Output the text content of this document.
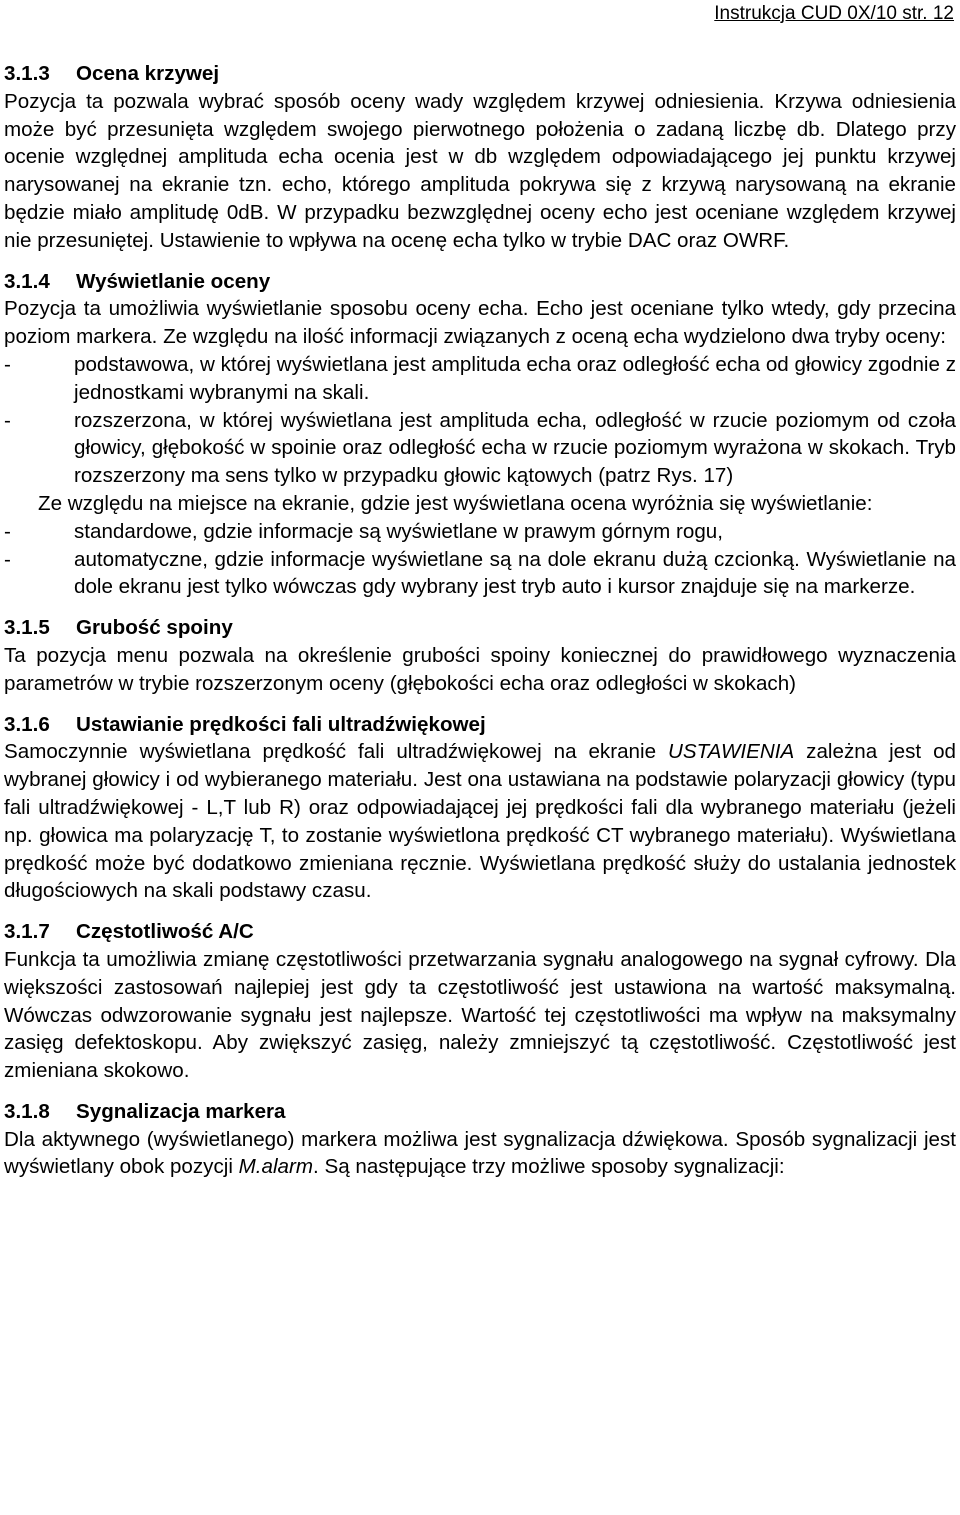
Instrukcja CUD 0X/10 str. 12
3.1.3 Ocena krzywej

Pozycja ta pozwala wybrać sposób oceny wady względem krzywej odniesienia. Krzywa odniesienia może być przesunięta względem swojego pierwotnego położenia o zadaną liczbę db. Dlatego przy ocenie względnej amplituda echa ocenia jest w db względem odpowiadającego jej punktu krzywej narysowanej na ekranie tzn. echo, którego amplituda pokrywa się z krzywą narysowaną na ekranie będzie miało amplitudę 0dB. W przypadku bezwzględnej oceny echo jest oceniane względem krzywej nie przesuniętej. Ustawienie to wpływa na ocenę echa tylko w trybie DAC oraz OWRF.

3.1.4 Wyświetlanie oceny

Pozycja ta umożliwia wyświetlanie sposobu oceny echa. Echo jest oceniane tylko wtedy, gdy przecina poziom markera. Ze względu na ilość informacji związanych z oceną echa wydzielono dwa tryby oceny:

-	podstawowa, w której wyświetlana jest amplituda echa oraz odległość echa od głowicy zgodnie z jednostkami wybranymi na skali.
-	rozszerzona, w której wyświetlana jest amplituda echa, odległość w rzucie poziomym od czoła głowicy, głębokość w spoinie oraz odległość echa w rzucie poziomym wyrażona w skokach. Tryb rozszerzony ma sens tylko w przypadku głowic kątowych (patrz Rys. 17)

Ze względu na miejsce na ekranie, gdzie jest wyświetlana ocena wyróżnia się wyświetlanie:

-	standardowe, gdzie informacje są wyświetlane w prawym górnym rogu,
-	automatyczne, gdzie informacje wyświetlane są na dole ekranu dużą czcionką. Wyświetlanie na dole ekranu jest tylko wówczas gdy wybrany jest tryb auto i kursor znajduje się na markerze.
3.1.5 Grubość spoiny

Ta pozycja menu pozwala na określenie grubości spoiny koniecznej do prawidłowego wyznaczenia parametrów w trybie rozszerzonym oceny (głębokości echa oraz odległości w skokach)

3.1.6 Ustawianie prędkości fali ultradźwiękowej

Samoczynnie wyświetlana prędkość fali ultradźwiękowej na ekranie USTAWIENIA zależna jest od wybranej głowicy i od wybieranego materiału. Jest ona ustawiana na podstawie polaryzacji głowicy (typu fali ultradźwiękowej - L,T lub R) oraz odpowiadającej jej prędkości fali dla wybranego materiału (jeżeli np. głowica ma polaryzację T, to zostanie wyświetlona prędkość CT wybranego materiału). Wyświetlana prędkość może być dodatkowo zmieniana ręcznie. Wyświetlana prędkość służy do ustalania jednostek długościowych na skali podstawy czasu.

3.1.7 Częstotliwość A/C

Funkcja ta umożliwia zmianę częstotliwości przetwarzania sygnału analogowego na sygnał cyfrowy. Dla większości zastosowań najlepiej jest gdy ta częstotliwość jest ustawiona na wartość maksymalną. Wówczas odwzorowanie sygnału jest najlepsze. Wartość tej częstotliwości ma wpływ na maksymalny zasięg defektoskopu. Aby zwiększyć zasięg, należy zmniejszyć tą częstotliwość. Częstotliwość jest zmieniana skokowo.

3.1.8 Sygnalizacja markera

Dla aktywnego (wyświetlanego) markera możliwa jest sygnalizacja dźwiękowa. Sposób sygnalizacji jest wyświetlany obok pozycji M.alarm. Są następujące trzy możliwe sposoby sygnalizacji:
